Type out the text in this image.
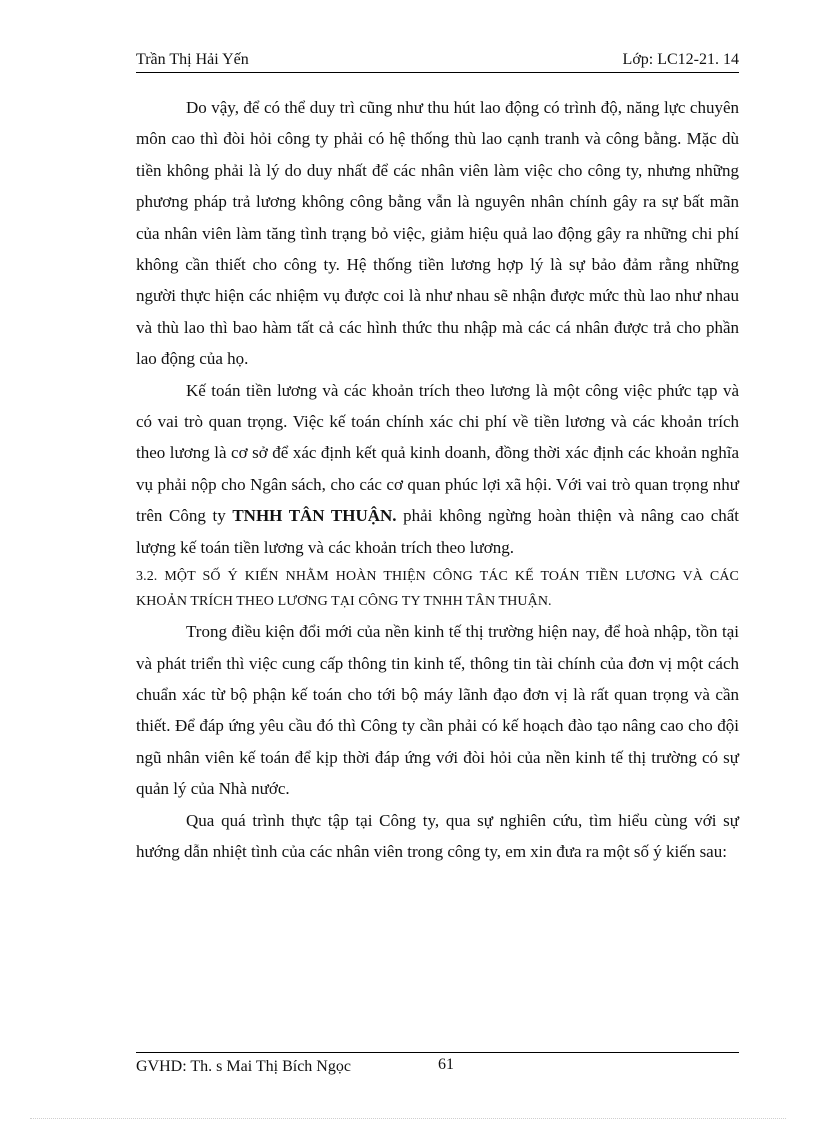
Trần Thị Hải Yến	Lớp: LC12-21. 14

Do vậy, để có thể duy trì cũng như thu hút lao động có trình độ, năng lực chuyên môn cao thì đòi hỏi công ty phải có hệ thống thù lao cạnh tranh và công bằng. Mặc dù tiền không phải là lý do duy nhất để các nhân viên làm việc cho công ty, nhưng những phương pháp trả lương không công bằng vẫn là nguyên nhân chính gây ra sự bất mãn của nhân viên làm tăng tình trạng bỏ việc, giảm hiệu quả lao động gây ra những chi phí không cần thiết cho công ty. Hệ thống tiền lương hợp lý là sự bảo đảm rằng những người thực hiện các nhiệm vụ được coi là như nhau sẽ nhận được mức thù lao như nhau và thù lao thì bao hàm tất cả các hình thức thu nhập mà các cá nhân được trả cho phần lao động của họ.

Kế toán tiền lương và các khoản trích theo lương là một công việc phức tạp và có vai trò quan trọng. Việc kế toán chính xác chi phí về tiền lương và các khoản trích theo lương là cơ sở để xác định kết quả kinh doanh, đồng thời xác định các khoản nghĩa vụ phải nộp cho Ngân sách, cho các cơ quan phúc lợi xã hội. Với vai trò quan trọng như trên Công ty TNHH TÂN THUẬN. phải không ngừng hoàn thiện và nâng cao chất lượng kế toán tiền lương và các khoản trích theo lương.

3.2. MỘT SỐ Ý KIẾN NHẰM HOÀN THIỆN CÔNG TÁC KẾ TOÁN TIỀN LƯƠNG VÀ CÁC KHOẢN TRÍCH THEO LƯƠNG TẠI CÔNG TY TNHH TÂN THUẬN.

Trong điều kiện đổi mới của nền kinh tế thị trường hiện nay, để hoà nhập, tồn tại và phát triển thì việc cung cấp thông tin kinh tế, thông tin tài chính của đơn vị một cách chuẩn xác từ bộ phận kế toán cho tới bộ máy lãnh đạo đơn vị là rất quan trọng và cần thiết. Để đáp ứng yêu cầu đó thì Công ty cần phải có kế hoạch đào tạo nâng cao cho đội ngũ nhân viên kế toán để kịp thời đáp ứng với đòi hỏi của nền kinh tế thị trường có sự quản lý của Nhà nước.

Qua quá trình thực tập tại Công ty, qua sự nghiên cứu, tìm hiểu cùng với sự hướng dẫn nhiệt tình của các nhân viên trong công ty, em xin đưa ra một số ý kiến sau:

GVHD: Th. s Mai Thị Bích Ngọc	61
